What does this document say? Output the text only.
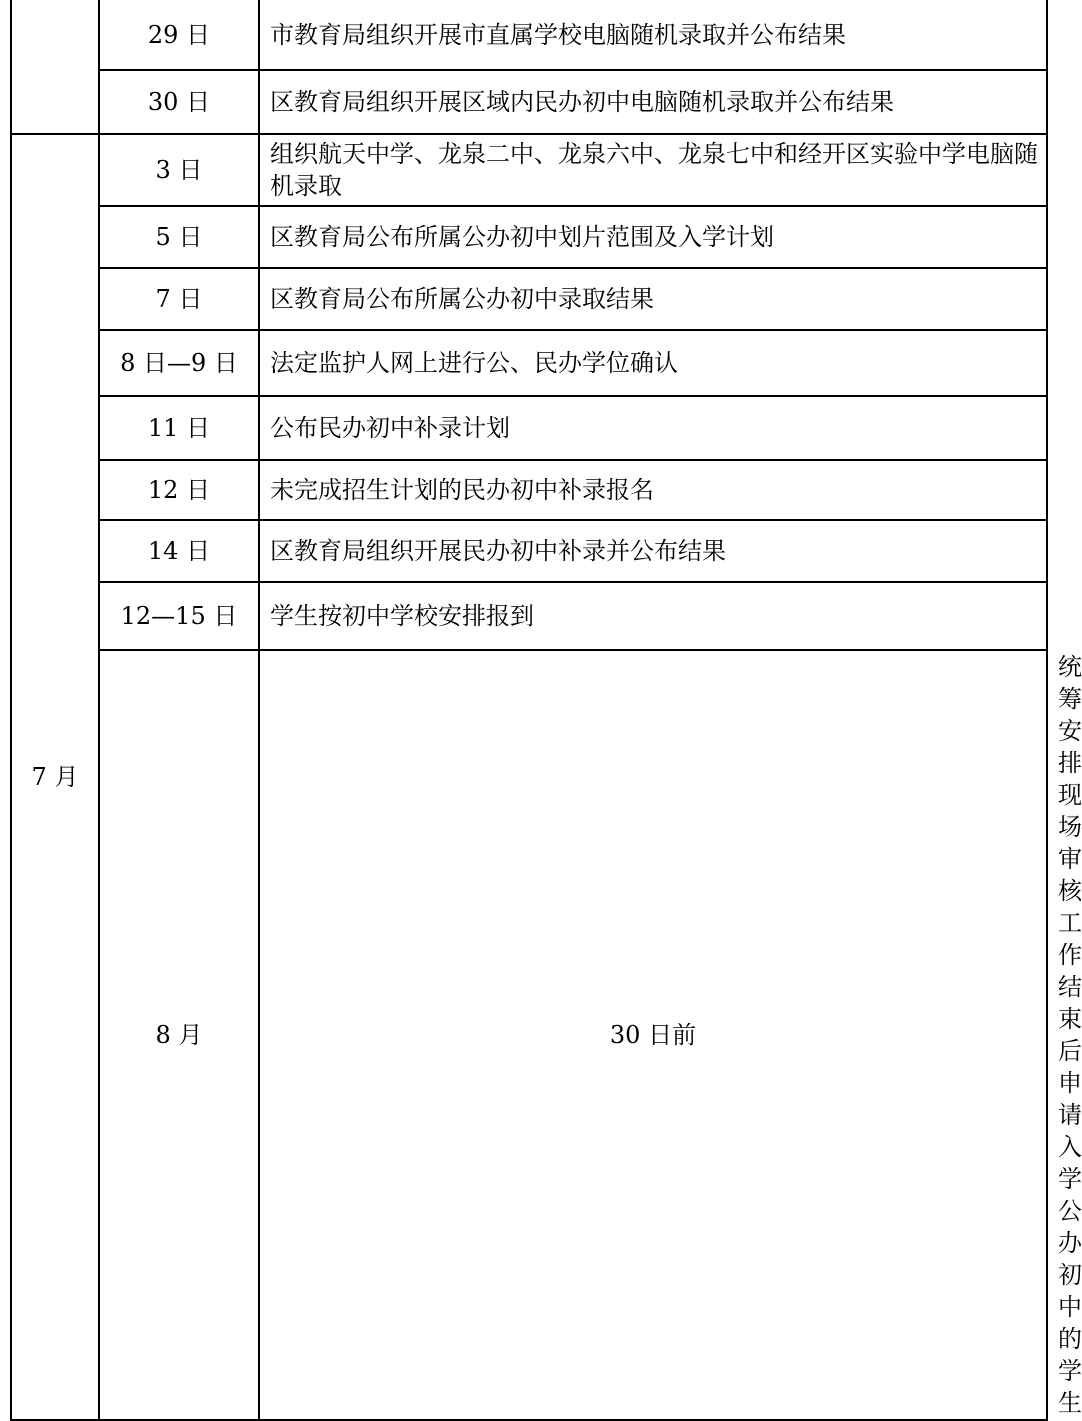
	29 日	市教育局组织开展市直属学校电脑随机录取并公布结果	
	30 日	区教育局组织开展区域内民办初中电脑随机录取并公布结果	
7 月	3 日	组织航天中学、龙泉二中、龙泉六中、龙泉七中和经开区实验中学电脑随机录取	
	5 日	区教育局公布所属公办初中划片范围及入学计划	
	7 日	区教育局公布所属公办初中录取结果	
	8 日—9 日	法定监护人网上进行公、民办学位确认	
	11 日	公布民办初中补录计划	
	12 日	未完成招生计划的民办初中补录报名	
	14 日	区教育局组织开展民办初中补录并公布结果	
	12—15 日	学生按初中学校安排报到	
	8 月	30 日前	统筹安排现场审核工作结束后申请入学公办初中的学生
